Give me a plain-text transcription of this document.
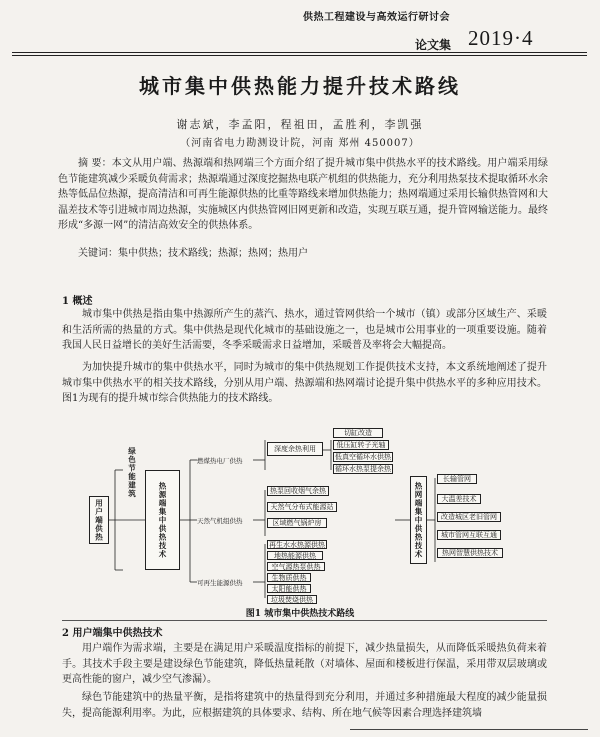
供热工程建设与高效运行研讨会
论文集 2019·4
城市集中供热能力提升技术路线
谢志斌，李孟阳，程祖田，孟胜利，李凯强
（河南省电力勘测设计院，河南 郑州 450007）
摘 要：本文从用户端、热源端和热网端三个方面介绍了提升城市集中供热水平的技术路线。用户端采用绿色节能建筑减少采暖负荷需求；热源端通过深度挖掘热电联产机组的供热能力，充分利用热泵技术提取循环水余热等低品位热源，提高清洁和可再生能源供热的比重等路线来增加供热能力；热网端通过采用长输供热管网和大温差技术等引进城市周边热源，实施城区内供热管网旧网更新和改造，实现互联互通，提升管网输送能力。最终形成“多源一网”的清洁高效安全的供热体系。
关键词：集中供热；技术路线；热源；热网；热用户
1 概述
城市集中供热是指由集中热源所产生的蒸汽、热水，通过管网供给一个城市（镇）或部分区域生产、采暖和生活所需的热量的方式。集中供热是现代化城市的基础设施之一，也是城市公用事业的一项重要设施。随着我国人民日益增长的美好生活需要，冬季采暖需求日益增加，采暖普及率将会大幅提高。
为加快提升城市的集中供热水平，同时为城市的集中供热规划工作提供技术支持，本文系统地阐述了提升城市集中供热水平的相关技术路线，分别从用户端、热源端和热网端讨论提升集中供热水平的多种应用技术。图1为现有的提升城市综合供热能力的技术路线。
用户端供热
绿色节能建筑
热源端集中供热技术
燃煤热电厂供热
天然气机组供热
可再生能源供热
深度余热利用
切缸改造
低压缸转子光轴
低真空循环水供热
循环水热泵提余热
热泵回收烟气余热
天然气分布式能源站
区域燃气锅炉房
再生水水热源供热
地热能源供热
空气源热泵供热
生物质供热
太阳能供热
垃圾焚烧供热
热网端集中供热技术
长输管网
大温差技术
改造城区老旧管网
城市管网互联互通
热网智慧供热技术
图1 城市集中供热技术路线
2 用户端集中供热技术
用户端作为需求端，主要是在满足用户采暖温度指标的前提下，减少热量损失，从而降低采暖热负荷来着手。其技术手段主要是建设绿色节能建筑，降低热量耗散（对墙体、屋面和楼板进行保温，采用带双层玻璃或更高性能的窗户，减少空气渗漏）。
绿色节能建筑中的热量平衡，是指将建筑中的热量得到充分利用，并通过多种措施最大程度的减少能量损失，提高能源利用率。为此，应根据建筑的具体要求、结构、所在地气候等因素合理选择建筑墙
